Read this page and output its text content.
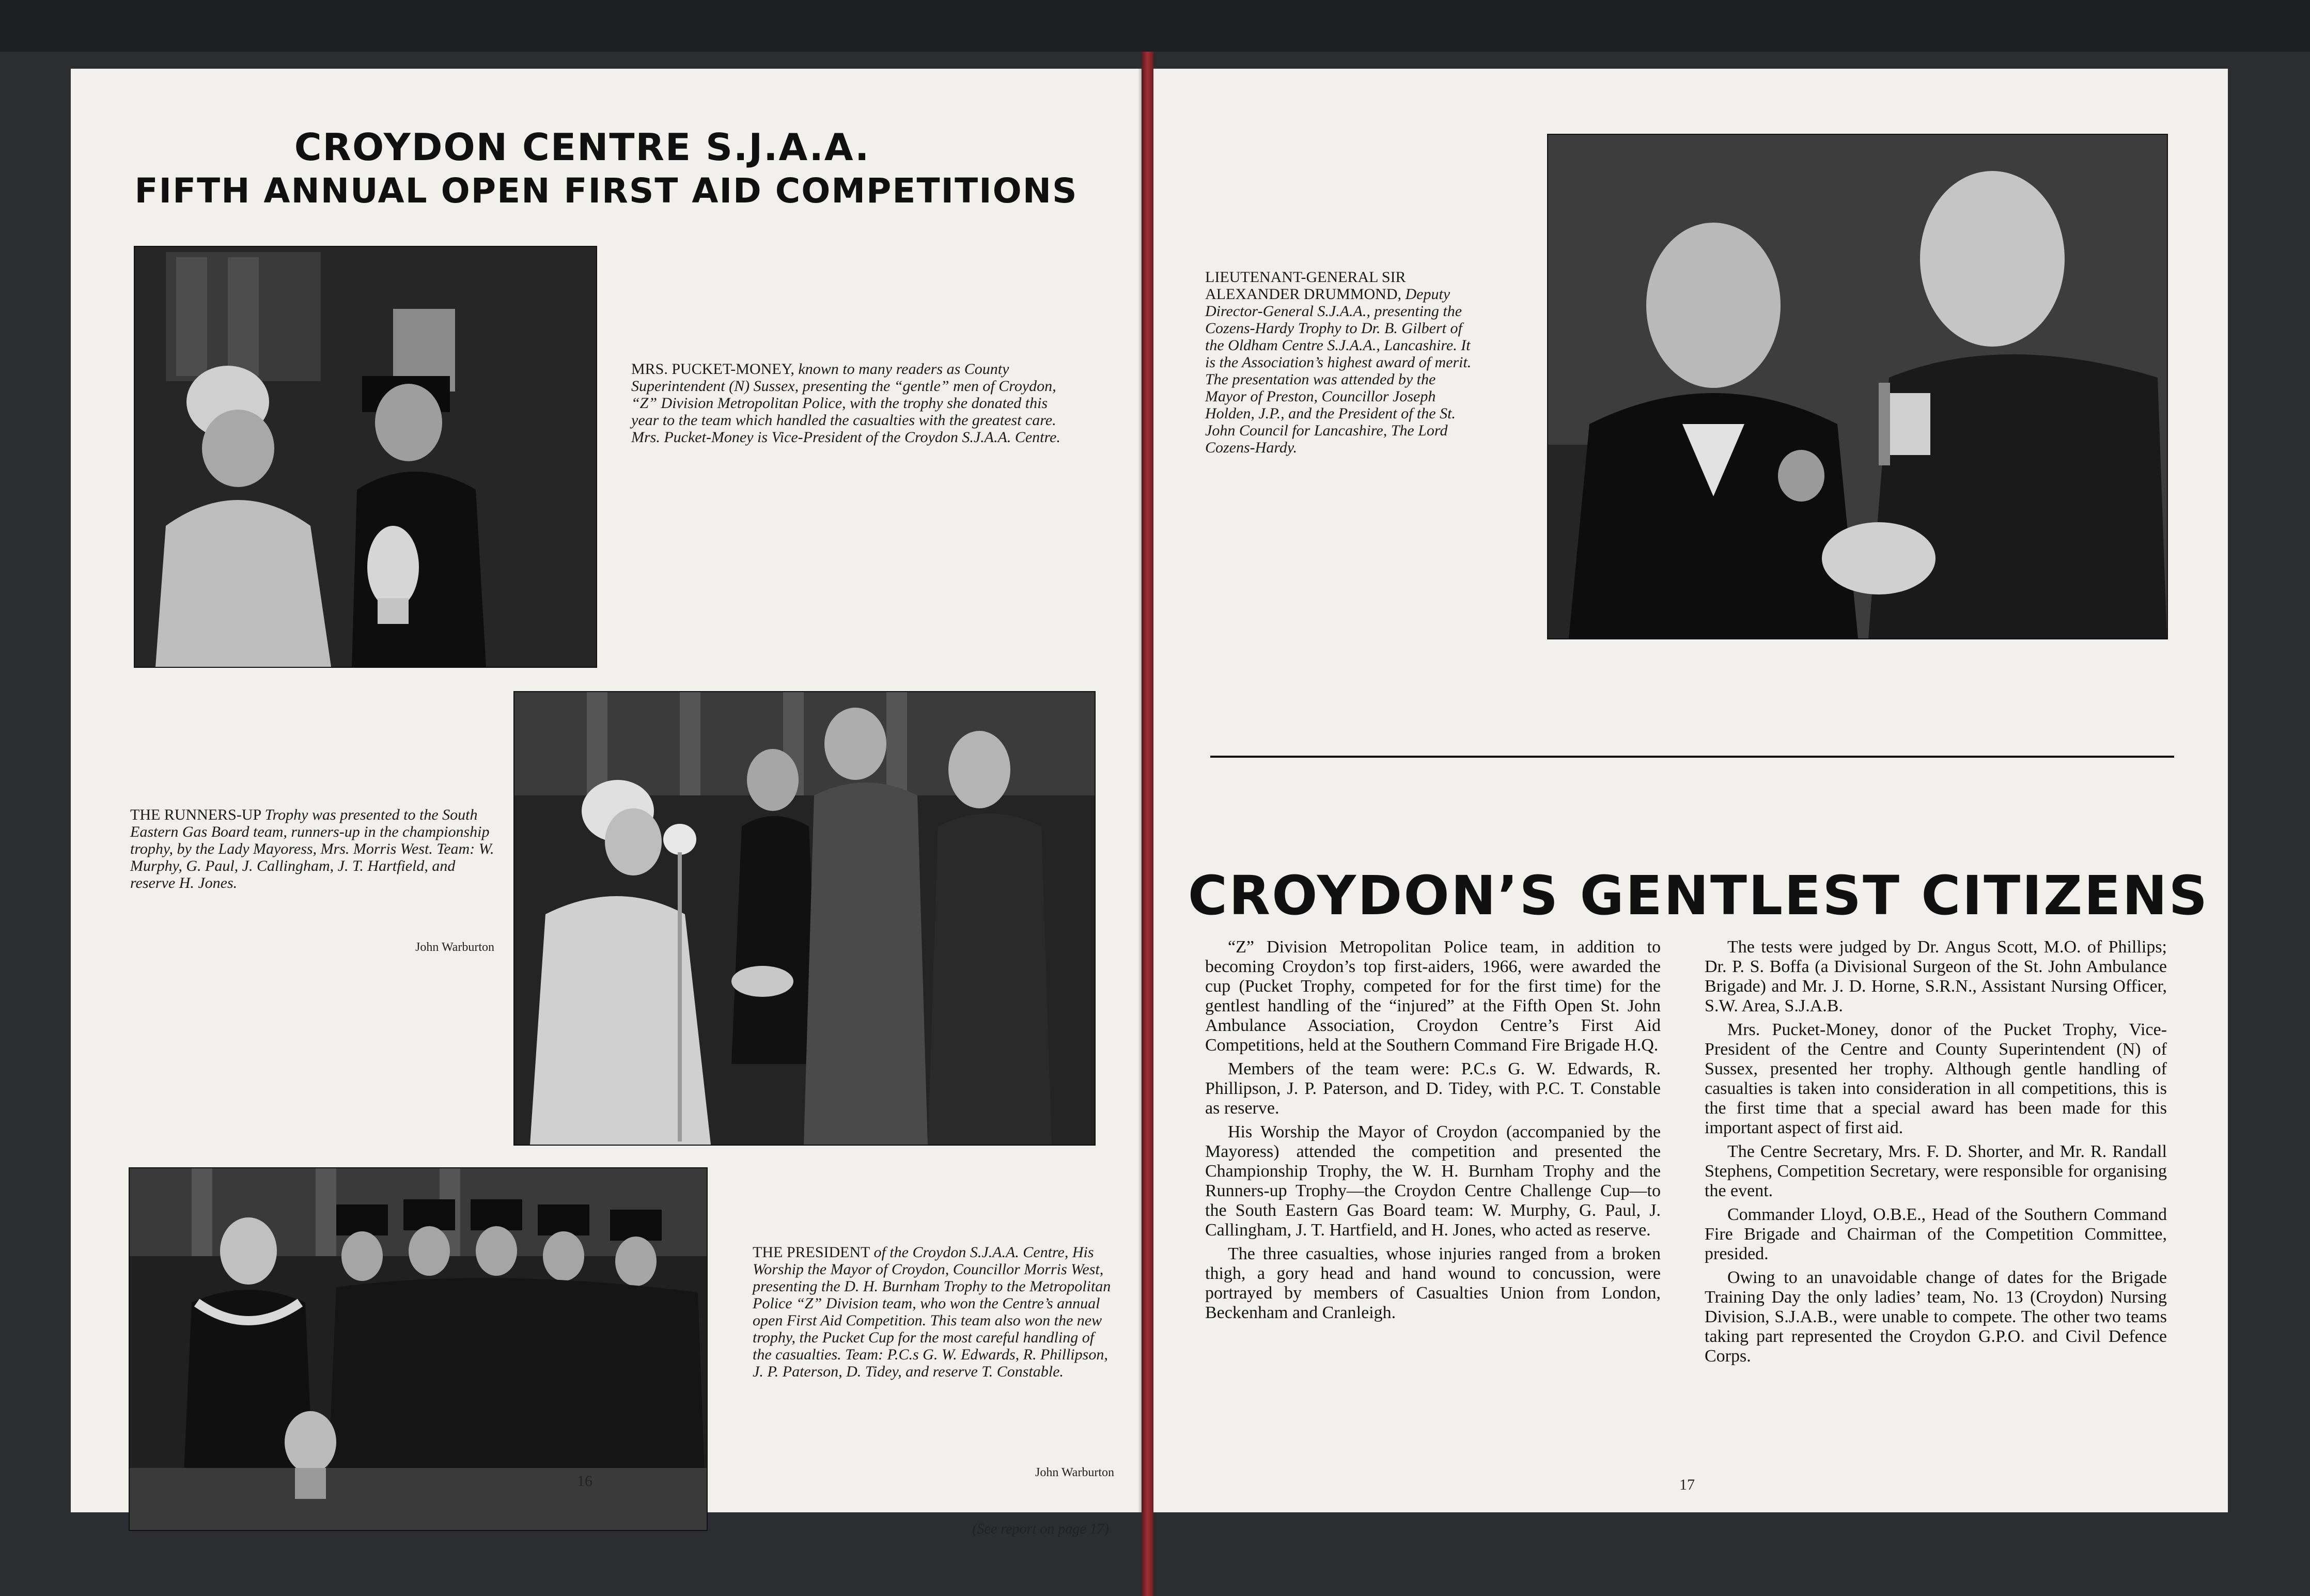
CROYDON CENTRE S.J.A.A.
FIFTH ANNUAL OPEN FIRST AID COMPETITIONS
MRS. PUCKET-MONEY, known to many readers as County Superintendent (N) Sussex, presenting the “gentle” men of Croydon, “Z” Division Metropolitan Police, with the trophy she donated this year to the team which handled the casualties with the greatest care. Mrs. Pucket-Money is Vice-President of the Croydon S.J.A.A. Centre.
THE RUNNERS-UP Trophy was presented to the South Eastern Gas Board team, runners-up in the championship trophy, by the Lady Mayoress, Mrs. Morris West. Team: W. Murphy, G. Paul, J. Callingham, J. T. Hartfield, and reserve H. Jones.
John Warburton
THE PRESIDENT of the Croydon S.J.A.A. Centre, His Worship the Mayor of Croydon, Councillor Morris West, presenting the D. H. Burnham Trophy to the Metropolitan Police “Z” Division team, who won the Centre’s annual open First Aid Competition. This team also won the new trophy, the Pucket Cup for the most careful handling of the casualties. Team: P.C.s G. W. Edwards, R. Phillipson, J. P. Paterson, D. Tidey, and reserve T. Constable.
John Warburton
(See report on page 17)
16
LIEUTENANT-GENERAL SIR ALEXANDER DRUMMOND, Deputy Director-General S.J.A.A., presenting the Cozens-Hardy Trophy to Dr. B. Gilbert of the Oldham Centre S.J.A.A., Lancashire. It is the Association’s highest award of merit. The presentation was attended by the Mayor of Preston, Councillor Joseph Holden, J.P., and the President of the St. John Council for Lancashire, The Lord Cozens-Hardy.
CROYDON’S GENTLEST CITIZENS

“Z” Division Metropolitan Police team, in addition to becoming Croydon’s top first-aiders, 1966, were awarded the cup (Pucket Trophy, competed for for the first time) for the gentlest handling of the “injured” at the Fifth Open St. John Ambulance Association, Croydon Centre’s First Aid Competitions, held at the Southern Command Fire Brigade H.Q.

Members of the team were: P.C.s G. W. Edwards, R. Phillipson, J. P. Paterson, and D. Tidey, with P.C. T. Constable as reserve.

His Worship the Mayor of Croydon (accompanied by the Mayoress) attended the competition and presented the Championship Trophy, the W. H. Burnham Trophy and the Runners-up Trophy—the Croydon Centre Challenge Cup—to the South Eastern Gas Board team: W. Murphy, G. Paul, J. Callingham, J. T. Hartfield, and H. Jones, who acted as reserve.

The three casualties, whose injuries ranged from a broken thigh, a gory head and hand wound to concussion, were portrayed by members of Casualties Union from London, Beckenham and Cranleigh.

The tests were judged by Dr. Angus Scott, M.O. of Phillips; Dr. P. S. Boffa (a Divisional Surgeon of the St. John Ambulance Brigade) and Mr. J. D. Horne, S.R.N., Assistant Nursing Officer, S.W. Area, S.J.A.B.

Mrs. Pucket-Money, donor of the Pucket Trophy, Vice-President of the Centre and County Superintendent (N) of Sussex, presented her trophy. Although gentle handling of casualties is taken into consideration in all competitions, this is the first time that a special award has been made for this important aspect of first aid.

The Centre Secretary, Mrs. F. D. Shorter, and Mr. R. Randall Stephens, Competition Secretary, were responsible for organising the event.

Commander Lloyd, O.B.E., Head of the Southern Command Fire Brigade and Chairman of the Competition Committee, presided.

Owing to an unavoidable change of dates for the Brigade Training Day the only ladies’ team, No. 13 (Croydon) Nursing Division, S.J.A.B., were unable to compete. The other two teams taking part represented the Croydon G.P.O. and Civil Defence Corps.

17
